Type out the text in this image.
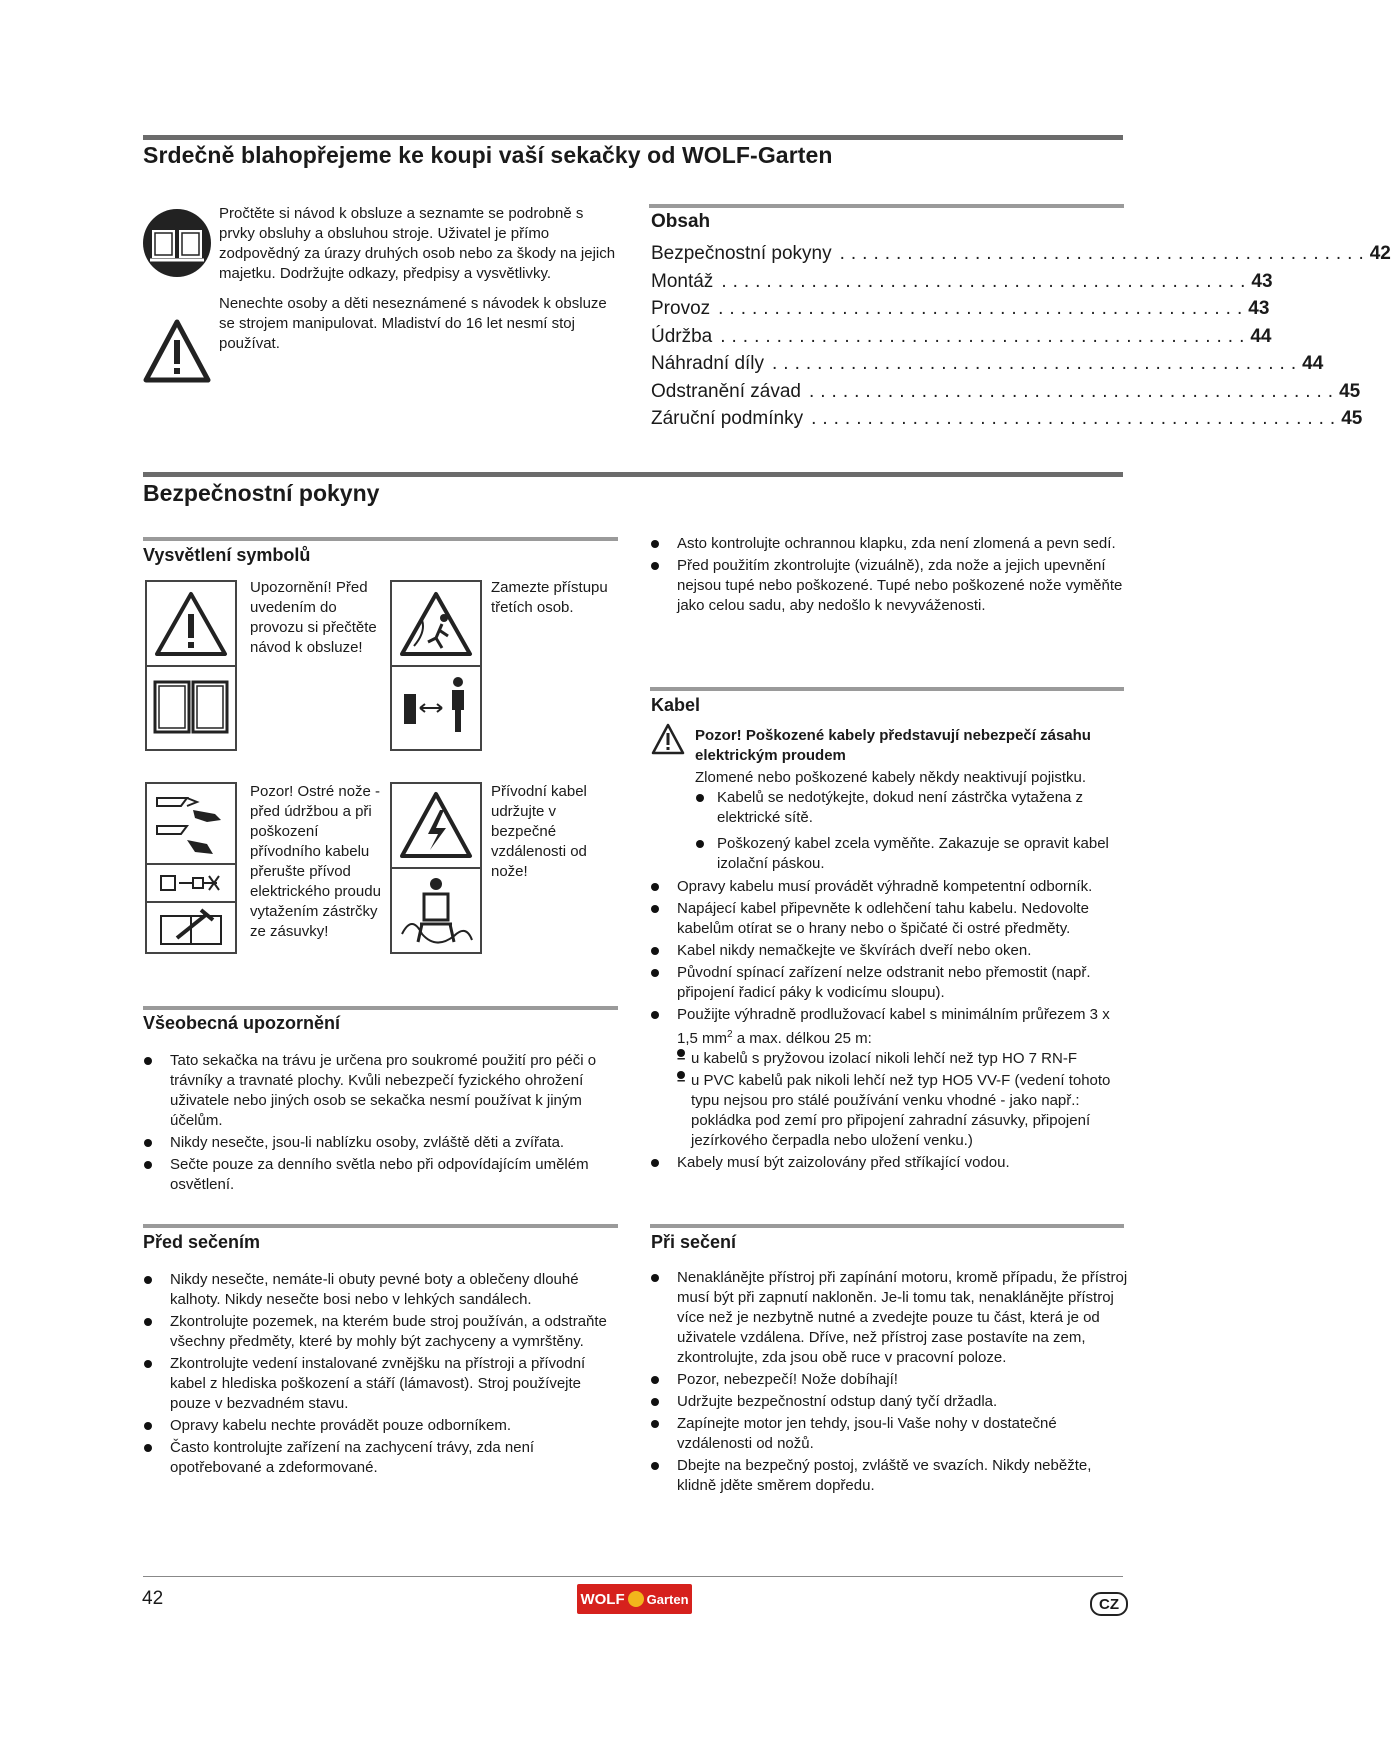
Srdečně blahopřejeme ke koupi vaší sekačky od WOLF-Garten

Pročtěte si návod k obsluze a seznamte se podrobně s prvky obsluhy a obsluhou stroje. Uživatel je přímo zodpovědný za úrazy druhých osob nebo za škody na jejich majetku. Dodržujte odkazy, předpisy a vysvětlivky.

Nenechte osoby a děti neseznámené s návodek k obsluze se strojem manipulovat. Mladiství do 16 let nesmí stoj používat.

Obsah
Bezpečnostní pokyny ............................................... 42
Montáž ............................................... 43
Provoz ............................................... 43
Údržba ............................................... 44
Náhradní díly ............................................... 44
Odstranění závad ............................................... 45
Záruční podmínky ............................................... 45
Bezpečnostní pokyny
Vysvětlení symbolů
Upozornění! Před uvedením do provozu si přečtěte návod k obsluze!
Zamezte přístupu třetích osob.
Pozor! Ostré nože - před údržbou a při poškození přívodního kabelu přerušte přívod elektrického proudu vytažením zástrčky ze zásuvky!
Přívodní kabel udržujte v bezpečné vzdálenosti od nože!
Všeobecná upozornění
Tato sekačka na trávu je určena pro soukromé použití pro péči o trávníky a travnaté plochy. Kvůli nebezpečí fyzického ohrožení uživatele nebo jiných osob se sekačka nesmí používat k jiným účelům.
Nikdy nesečte, jsou-li nablízku osoby, zvláště děti a zvířata.
Sečte pouze za denního světla nebo při odpovídajícím umělém osvětlení.
Před sečením
Nikdy nesečte, nemáte-li obuty pevné boty a oblečeny dlouhé kalhoty. Nikdy nesečte bosi nebo v lehkých sandálech.
Zkontrolujte pozemek, na kterém bude stroj používán, a odstraňte všechny předměty, které by mohly být zachyceny a vymrštěny.
Zkontrolujte vedení instalované zvnějšku na přístroji a přívodní kabel z hlediska poškození a stáří (lámavost). Stroj používejte pouze v bezvadném stavu.
Opravy kabelu nechte provádět pouze odborníkem.
Často kontrolujte zařízení na zachycení trávy, zda není opotřebované a zdeformované.
Asto kontrolujte ochrannou klapku, zda není zlomená a pevn sedí.
Před použitím zkontrolujte (vizuálně), zda nože a jejich upevnění nejsou tupé nebo poškozené. Tupé nebo poškozené nože vyměňte jako celou sadu, aby nedošlo k nevyváženosti.
Kabel
Pozor! Poškozené kabely představují nebezpečí zásahu elektrickým proudem
Zlomené nebo poškozené kabely někdy neaktivují pojistku.
Kabelů se nedotýkejte, dokud není zástrčka vytažena z elektrické sítě.
Poškozený kabel zcela vyměňte. Zakazuje se opravit kabel izolační páskou.
Opravy kabelu musí provádět výhradně kompetentní odborník.
Napájecí kabel připevněte k odlehčení tahu kabelu. Nedovolte kabelům otírat se o hrany nebo o špičaté či ostré předměty.
Kabel nikdy nemačkejte ve škvírách dveří nebo oken.
Původní spínací zařízení nelze odstranit nebo přemostit (např. připojení řadicí páky k vodicímu sloupu).
Použijte výhradně prodlužovací kabel s minimálním průřezem 3 x 1,5 $mm^2$ a max. délkou 25 m:
– u kabelů s pryžovou izolací nikoli lehčí než typ HO 7 RN-F
– u PVC kabelů pak nikoli lehčí než typ HO5 VV-F (vedení tohoto typu nejsou pro stálé používání venku vhodné - jako např.: pokládka pod zemí pro připojení zahradní zásuvky, připojení jezírkového čerpadla nebo uložení venku.)
Kabely musí být zaizolovány před stříkající vodou.
Při sečení
Nenaklánějte přístroj při zapínání motoru, kromě případu, že přístroj musí být při zapnutí nakloněn. Je-li tomu tak, nenaklánějte přístroj více než je nezbytně nutné a zvedejte pouze tu část, která je od uživatele vzdálena. Dříve, než přístroj zase postavíte na zem, zkontrolujte, zda jsou obě ruce v pracovní poloze.
Pozor, nebezpečí! Nože dobíhají!
Udržujte bezpečnostní odstup daný tyčí držadla.
Zapínejte motor jen tehdy, jsou-li Vaše nohy v dostatečné vzdálenosti od nožů.
Dbejte na bezpečný postoj, zvláště ve svazích. Nikdy neběžte, klidně jděte směrem dopředu.
42	WOLF Garten	CZ
